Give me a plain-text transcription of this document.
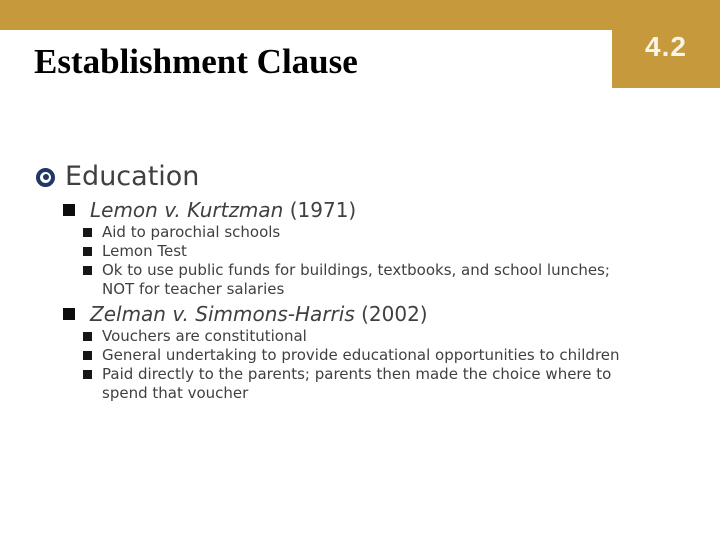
4.2
Establishment Clause
Education
Lemon v. Kurtzman (1971)
Aid to parochial schools
Lemon Test
Ok to use public funds for buildings, textbooks, and school lunches;
NOT for teacher salaries
Zelman v. Simmons-Harris (2002)
Vouchers are constitutional
General undertaking to provide educational opportunities to children
Paid directly to the parents; parents then made the choice where to
spend that voucher
